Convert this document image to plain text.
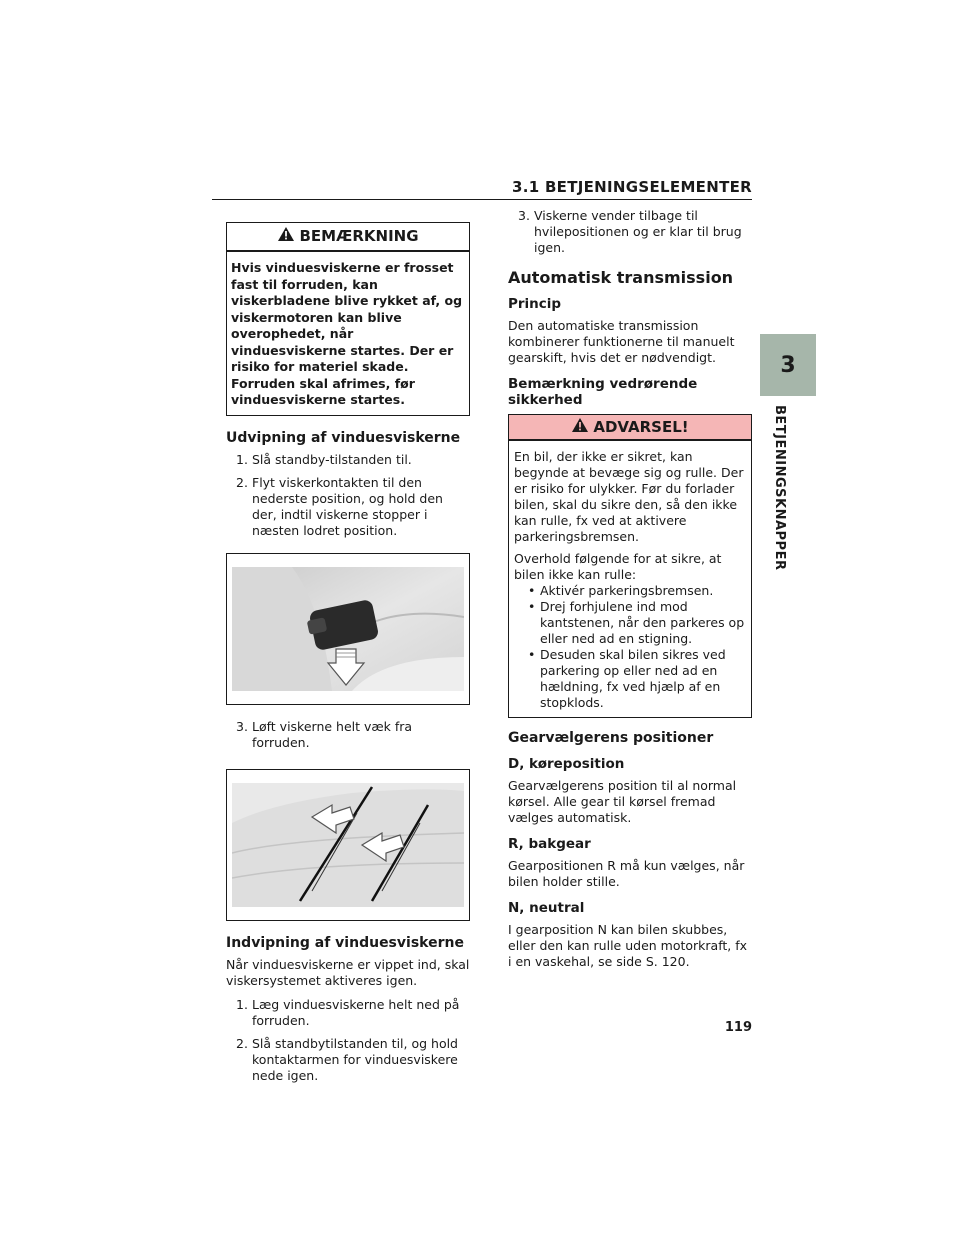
3.1 BETJENINGSELEMENTER
3
BETJENINGSKNAPPER
BEMÆRKNING
Hvis vinduesviskerne er frosset fast til forruden, kan viskerbladene blive rykket af, og viskermotoren kan blive overophedet, når vinduesviskerne startes. Der er risiko for materiel skade. Forruden skal afrimes, før vinduesviskerne startes.
Udvipning af vinduesviskerne
1. Slå standby-tilstanden til.
2. Flyt viskerkontakten til den nederste position, og hold den der, indtil viskerne stopper i næsten lodret position.
3. Løft viskerne helt væk fra forruden.
Indvipning af vinduesviskerne

Når vinduesviskerne er vippet ind, skal viskersystemet aktiveres igen.

1. Læg vinduesviskerne helt ned på forruden.
2. Slå standbytilstanden til, og hold kontaktarmen for vinduesviskere nede igen.
3. Viskerne vender tilbage til hvilepositionen og er klar til brug igen.
Automatisk transmission
Princip

Den automatiske transmission kombinerer funktionerne til manuelt gearskift, hvis det er nødvendigt.

Bemærkning vedrørende sikkerhed
ADVARSEL!

En bil, der ikke er sikret, kan begynde at bevæge sig og rulle. Der er risiko for ulykker. Før du forlader bilen, skal du sikre den, så den ikke kan rulle, fx ved at aktivere parkeringsbremsen.

Overhold følgende for at sikre, at bilen ikke kan rulle:

• Aktivér parkeringsbremsen.
• Drej forhjulene ind mod kantstenen, når den parkeres op eller ned ad en stigning.
• Desuden skal bilen sikres ved parkering op eller ned ad en hældning, fx ved hjælp af en stopklods.
Gearvælgerens positioner
D, køreposition

Gearvælgerens position til al normal kørsel. Alle gear til kørsel fremad vælges automatisk.

R, bakgear

Gearpositionen R må kun vælges, når bilen holder stille.

N, neutral

I gearposition N kan bilen skubbes, eller den kan rulle uden motorkraft, fx i en vaskehal, se side S. 120.

119
